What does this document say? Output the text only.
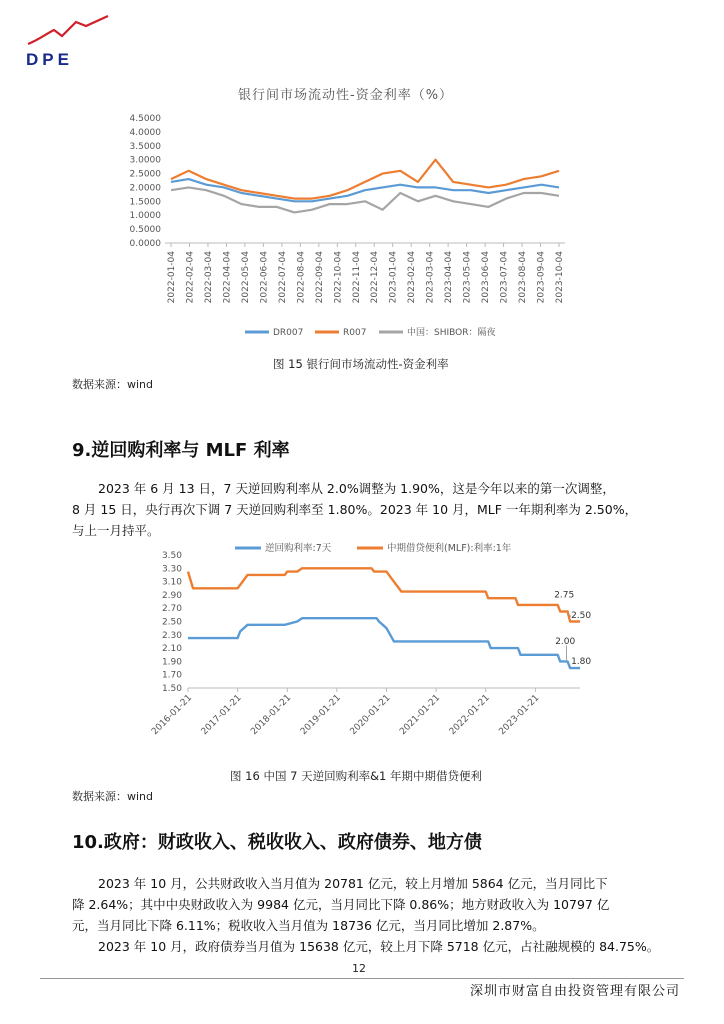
DPE
银行间市场流动性-资金利率（%）
4.5000
4.0000
3.5000
3.0000
2.5000
2.0000
1.5000
1.0000
0.5000
0.0000
2022-01-04 2022-02-04 2022-03-04 2022-04-04 2022-05-04 2022-06-04 2022-07-04 2022-08-04 2022-09-04 2022-10-04 2022-11-04 2022-12-04 2023-01-04 2023-02-04 2023-03-04 2023-04-04 2023-05-04 2023-06-04 2023-07-04 2023-08-04 2023-09-04 2023-10-04
DR007	R007	中国：SHIBOR：隔夜
图 15 银行间市场流动性-资金利率
数据来源：wind
9.逆回购利率与 MLF 利率
2023 年 6 月 13 日，7 天逆回购利率从 2.0%调整为 1.90%，这是今年以来的第一次调整，
8 月 15 日，央行再次下调 7 天逆回购利率至 1.80%。2023 年 10 月，MLF 一年期利率为 2.50%，
与上一月持平。
3.50
3.30
3.10
2.90
2.70
2.50
2.30
2.10
1.90
1.70
1.50
2016-01-21 2017-01-21 2018-01-21 2019-01-21 2020-01-21 2021-01-21 2022-01-21 2023-01-21
2.75
2.50
2.00
1.80
逆回购利率:7天	中期借贷便利(MLF):利率:1年
图 16 中国 7 天逆回购利率&1 年期中期借贷便利
数据来源：wind
10.政府：财政收入、税收收入、政府债券、地方债
2023 年 10 月，公共财政收入当月值为 20781 亿元，较上月增加 5864 亿元，当月同比下
降 2.64%；其中中央财政收入为 9984 亿元，当月同比下降 0.86%；地方财政收入为 10797 亿
元，当月同比下降 6.11%；税收收入当月值为 18736 亿元，当月同比增加 2.87%。
2023 年 10 月，政府债券当月值为 15638 亿元，较上月下降 5718 亿元，占社融规模的 84.75%。
12
深圳市财富自由投资管理有限公司
